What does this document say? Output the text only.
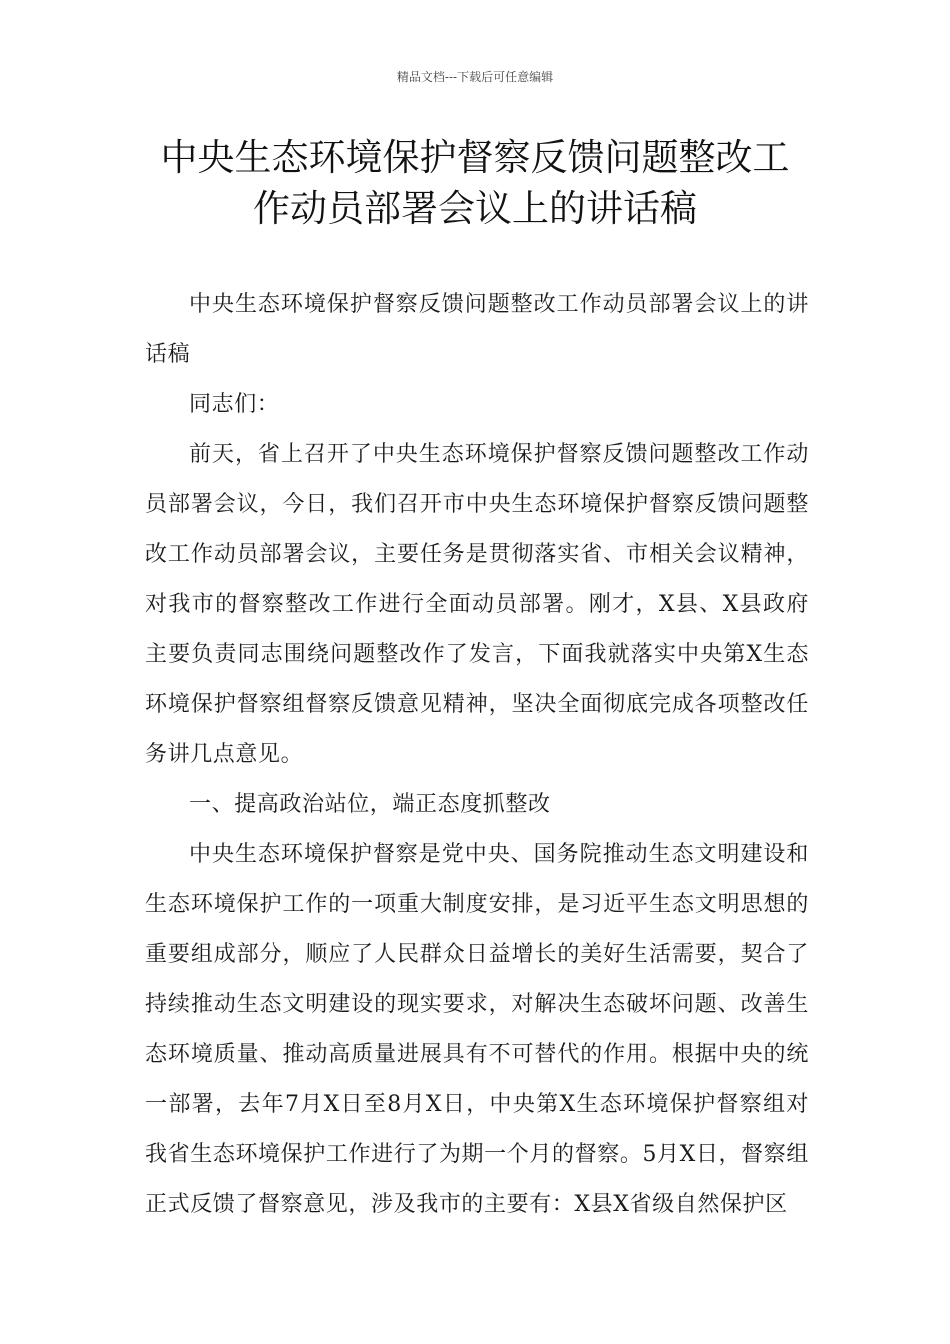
精品文档---下载后可任意编辑
中央生态环境保护督察反馈问题整改工
作动员部署会议上的讲话稿

中央生态环境保护督察反馈问题整改工作动员部署会议上的讲话稿

同志们：

前天，省上召开了中央生态环境保护督察反馈问题整改工作动员部署会议，今日，我们召开市中央生态环境保护督察反馈问题整改工作动员部署会议，主要任务是贯彻落实省、市相关会议精神，对我市的督察整改工作进行全面动员部署。刚才，X县、X县政府主要负责同志围绕问题整改作了发言，下面我就落实中央第X生态环境保护督察组督察反馈意见精神，坚决全面彻底完成各项整改任务讲几点意见。

一、提高政治站位，端正态度抓整改

中央生态环境保护督察是党中央、国务院推动生态文明建设和生态环境保护工作的一项重大制度安排，是习近平生态文明思想的重要组成部分，顺应了人民群众日益增长的美好生活需要，契合了持续推动生态文明建设的现实要求，对解决生态破坏问题、改善生态环境质量、推动高质量进展具有不可替代的作用。根据中央的统一部署，去年7月X日至8月X日，中央第X生态环境保护督察组对我省生态环境保护工作进行了为期一个月的督察。5月X日，督察组正式反馈了督察意见，涉及我市的主要有：X县X省级自然保护区
